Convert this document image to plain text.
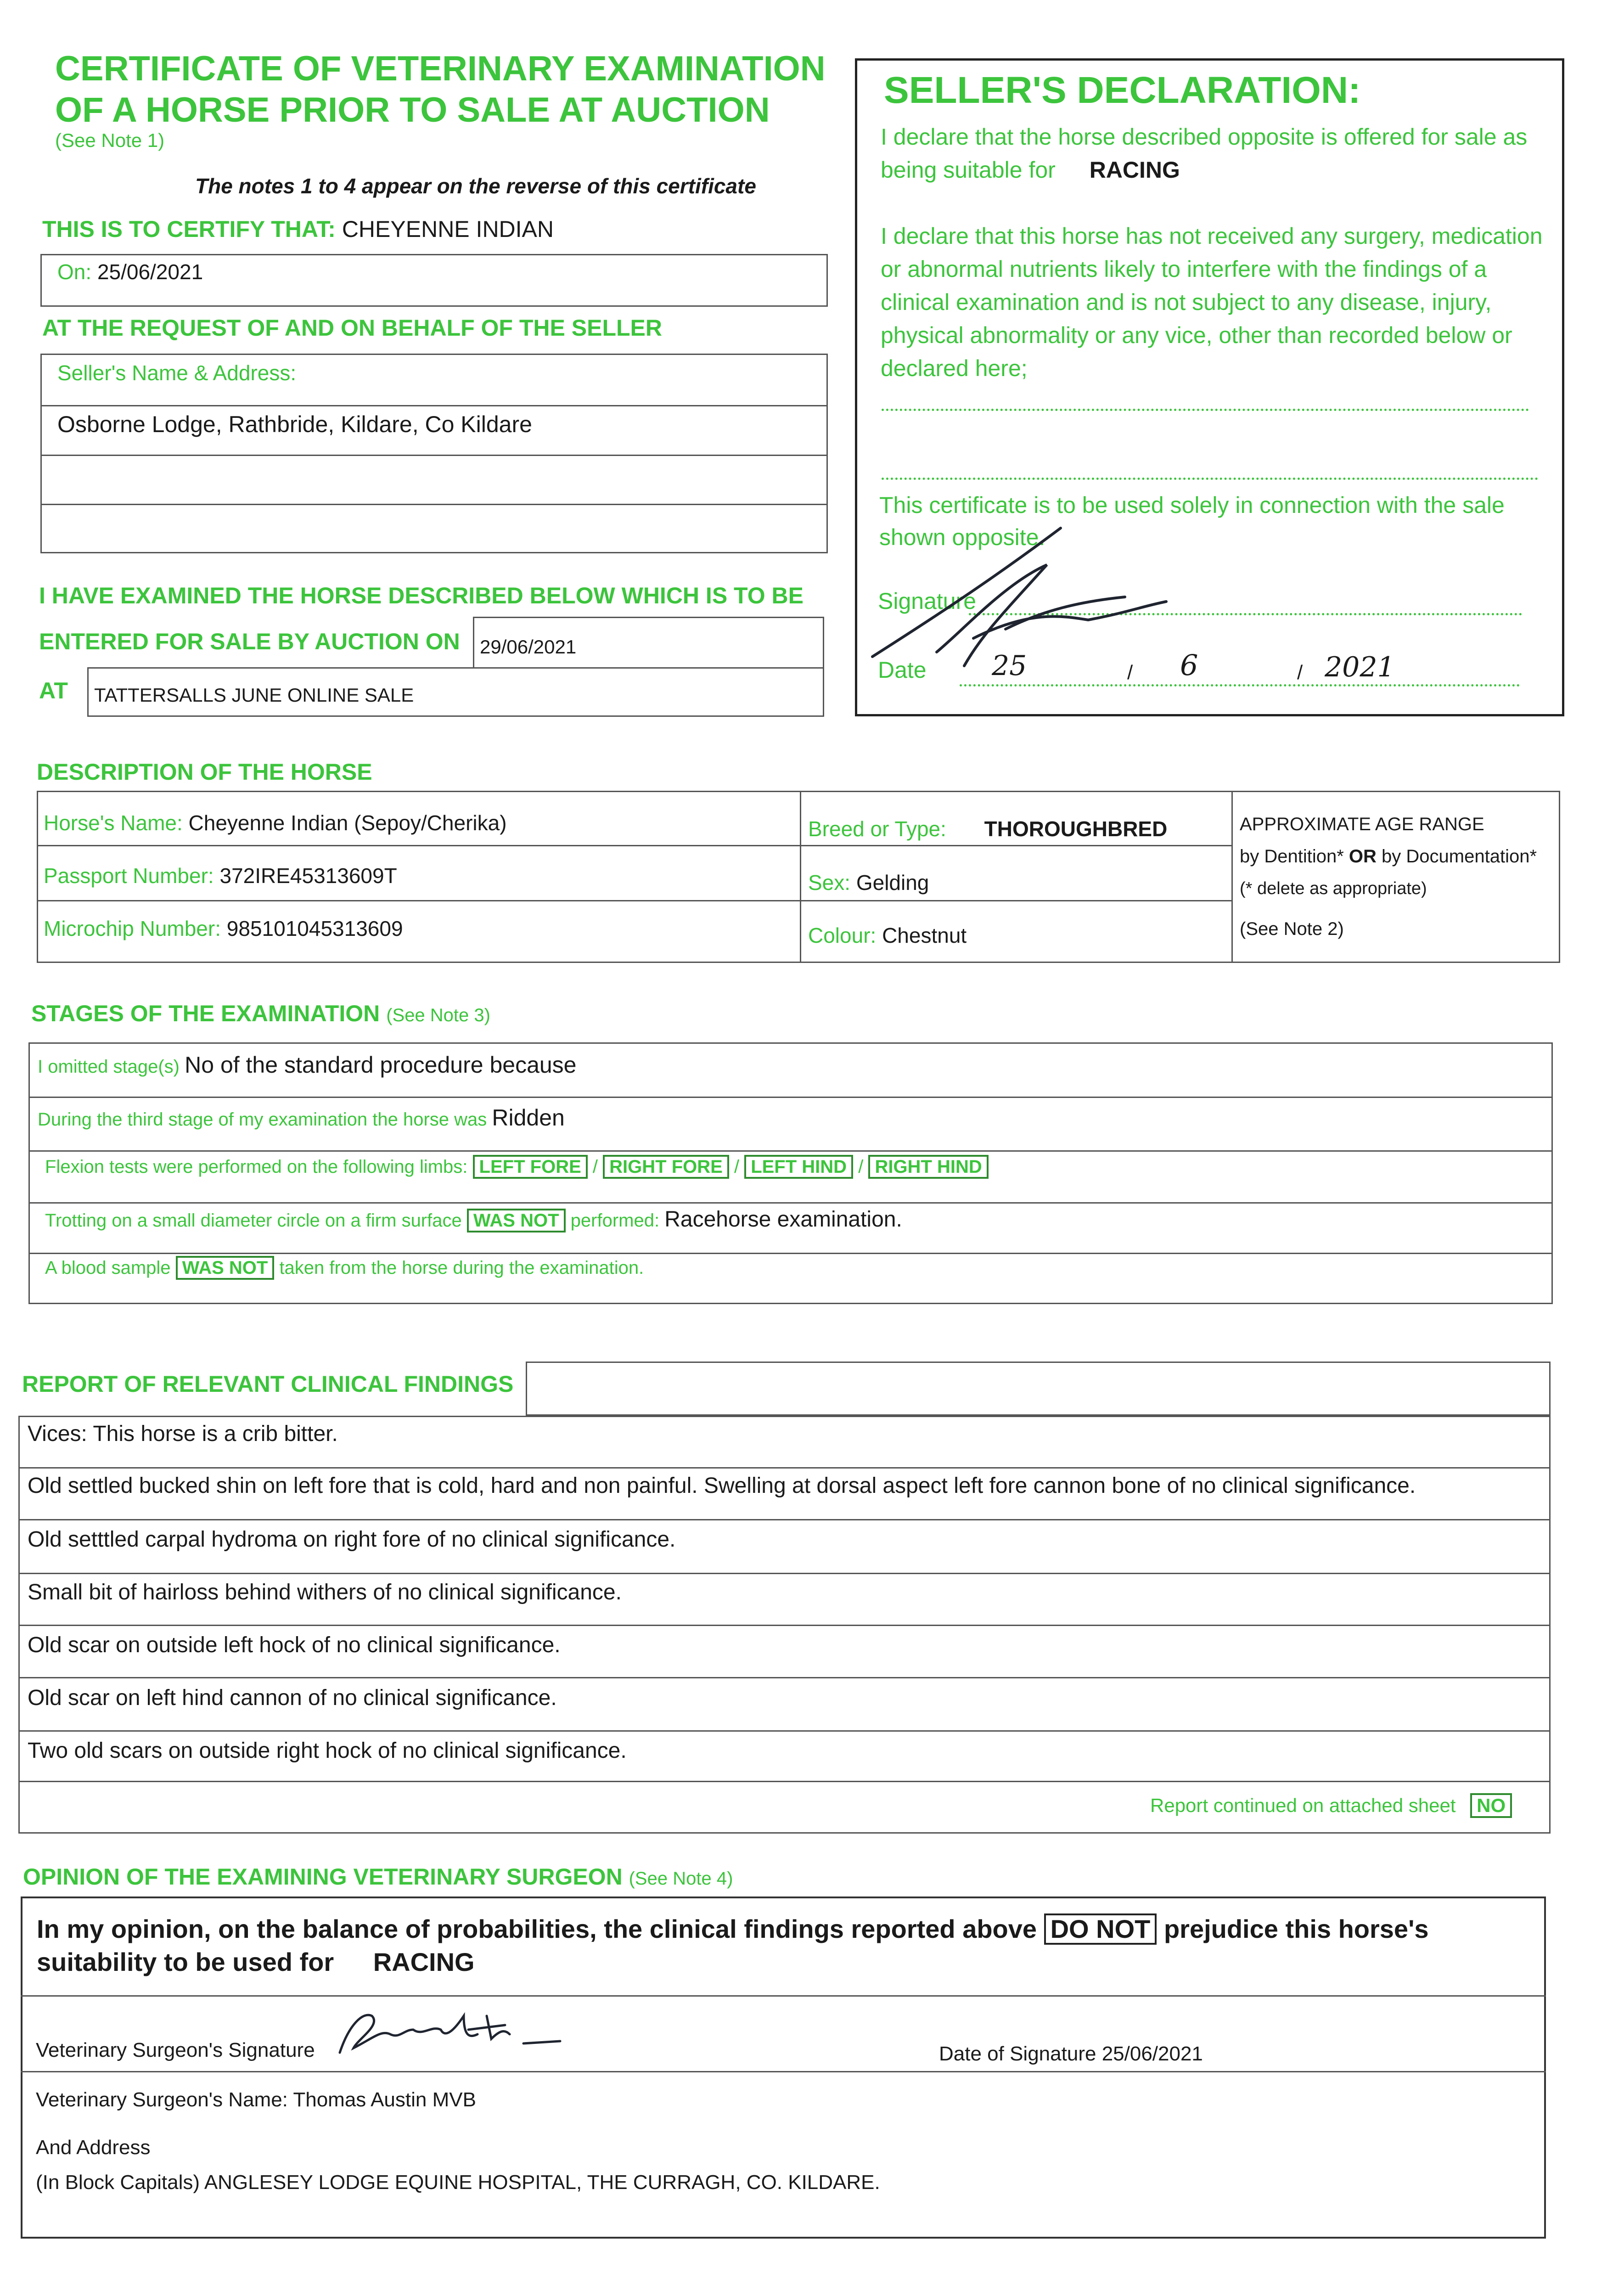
CERTIFICATE OF VETERINARY EXAMINATION
OF A HORSE PRIOR TO SALE AT AUCTION
(See Note 1)
The notes 1 to 4 appear on the reverse of this certificate
THIS IS TO CERTIFY THAT: CHEYENNE INDIAN
On: 25/06/2021
AT THE REQUEST OF AND ON BEHALF OF THE SELLER
Seller's Name & Address:
Osborne Lodge, Rathbride, Kildare, Co Kildare
I HAVE EXAMINED THE HORSE DESCRIBED BELOW WHICH IS TO BE
ENTERED FOR SALE BY AUCTION ON 29/06/2021
AT TATTERSALLS JUNE ONLINE SALE
SELLER'S DECLARATION:
I declare that the horse described opposite is offered for sale as
being suitable for RACING
I declare that this horse has not received any surgery, medication
or abnormal nutrients likely to interfere with the findings of a
clinical examination and is not subject to any disease, injury,
physical abnormality or any vice, other than recorded below or
declared here;
This certificate is to be used solely in connection with the sale
shown opposite.
Signature
Date 25	/ 6	/ 2021
DESCRIPTION OF THE HORSE
Horse's Name: Cheyenne Indian (Sepoy/Cherika)
Passport Number: 372IRE45313609T
Microchip Number: 985101045313609
Breed or Type: THOROUGHBRED
Sex: Gelding
Colour: Chestnut
APPROXIMATE AGE RANGE
by Dentition* OR by Documentation*
(* delete as appropriate)
(See Note 2)
STAGES OF THE EXAMINATION (See Note 3)
I omitted stage(s) No of the standard procedure because
During the third stage of my examination the horse was Ridden
Flexion tests were performed on the following limbs: LEFT FORE / RIGHT FORE / LEFT HIND / RIGHT HIND
Trotting on a small diameter circle on a firm surface WAS NOT performed: Racehorse examination.
A blood sample WAS NOT taken from the horse during the examination.
REPORT OF RELEVANT CLINICAL FINDINGS
Vices: This horse is a crib bitter.
Old settled bucked shin on left fore that is cold, hard and non painful. Swelling at dorsal aspect left fore cannon bone of no clinical significance.
Old setttled carpal hydroma on right fore of no clinical significance.
Small bit of hairloss behind withers of no clinical significance.
Old scar on outside left hock of no clinical significance.
Old scar on left hind cannon of no clinical significance.
Two old scars on outside right hock of no clinical significance.
Report continued on attached sheet NO
OPINION OF THE EXAMINING VETERINARY SURGEON (See Note 4)
In my opinion, on the balance of probabilities, the clinical findings reported above DO NOT prejudice this horse's
suitability to be used for RACING
Veterinary Surgeon's Signature	Date of Signature 25/06/2021
Veterinary Surgeon's Name: Thomas Austin MVB
And Address
(In Block Capitals) ANGLESEY LODGE EQUINE HOSPITAL, THE CURRAGH, CO. KILDARE.
